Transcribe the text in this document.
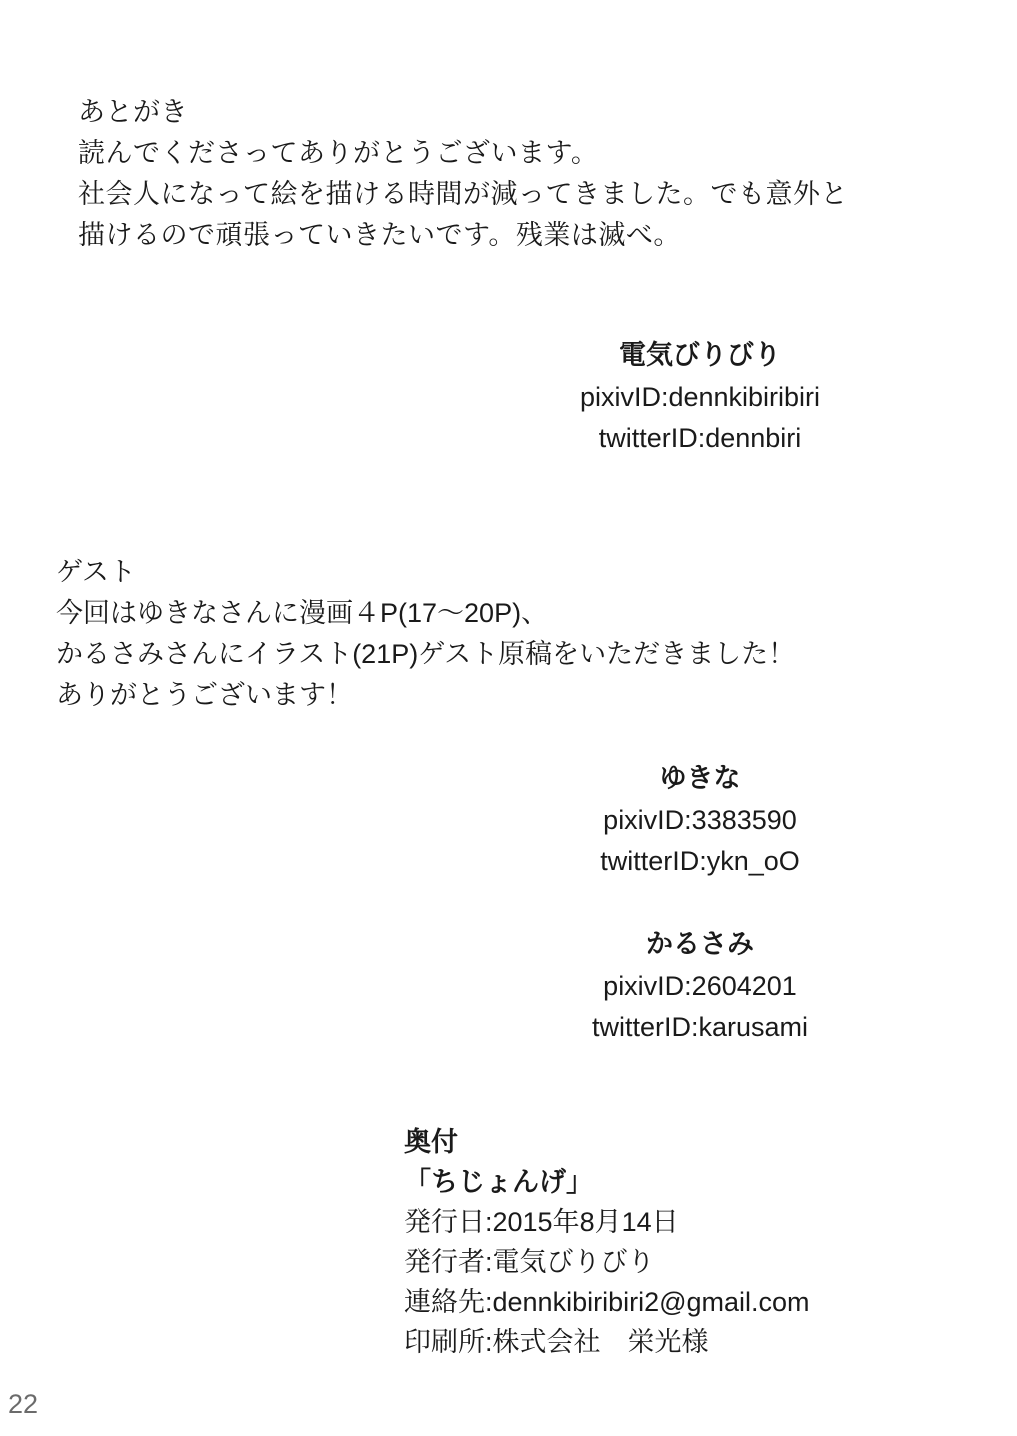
あとがき
読んでくださってありがとうございます。
社会人になって絵を描ける時間が減ってきました。でも意外と
描けるので頑張っていきたいです。残業は滅べ。
電気びりびり
pixivID:dennkibiribiri
twitterID:dennbiri
ゲスト
今回はゆきなさんに漫画４P(17〜20P)、
かるさみさんにイラスト(21P)ゲスト原稿をいただきました！
ありがとうございます！
ゆきな
pixivID:3383590
twitterID:ykn_oO
かるさみ
pixivID:2604201
twitterID:karusami
奥付
「ちじょんげ」
発行日:2015年8月14日
発行者:電気びりびり
連絡先:dennkibiribiri2@gmail.com
印刷所:株式会社　栄光様
22
